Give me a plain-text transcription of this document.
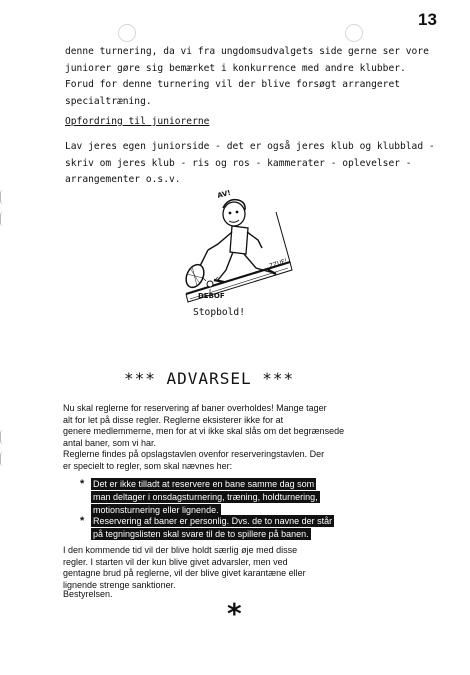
13
denne turnering, da vi fra ungdomsudvalgets side gerne ser vore
juniorer gøre sig bemærket i konkurrence med andre klubber.
Forud for denne turnering vil der blive forsøgt arrangeret
specialtræning.
Opfordring til juniorerne
Lav jeres egen juniorside - det er også jeres klub og klubblad -
skriv om jeres klub - ris og ros - kammerater - oplevelser -
arrangementer o.s.v.
AV!
DEBOF
ZZUF!
Stopbold!
*** ADVARSEL ***
Nu skal reglerne for reservering af baner overholdes! Mange tager
alt for let på disse regler. Reglerne eksisterer ikke for at
genere medlemmerne, men for at vi ikke skal slås om det begrænsede
antal baner, som vi har.
Reglerne findes på opslagstavlen ovenfor reserveringstavlen. Der
er specielt to regler, som skal nævnes her:
* Det er ikke tilladt at reservere en bane samme dag som
man deltager i onsdagsturnering, træning, holdturnering,
motionsturnering eller lignende.
* Reservering af baner er personlig. Dvs. de to navne der står
på tegningslisten skal svare til de to spillere på banen.
I den kommende tid vil der blive holdt særlig øje med disse
regler. I starten vil der kun blive givet advarsler, men ved
gentagne brud på reglerne, vil der blive givet karantæne eller
lignende strenge sanktioner.
Bestyrelsen.
*
